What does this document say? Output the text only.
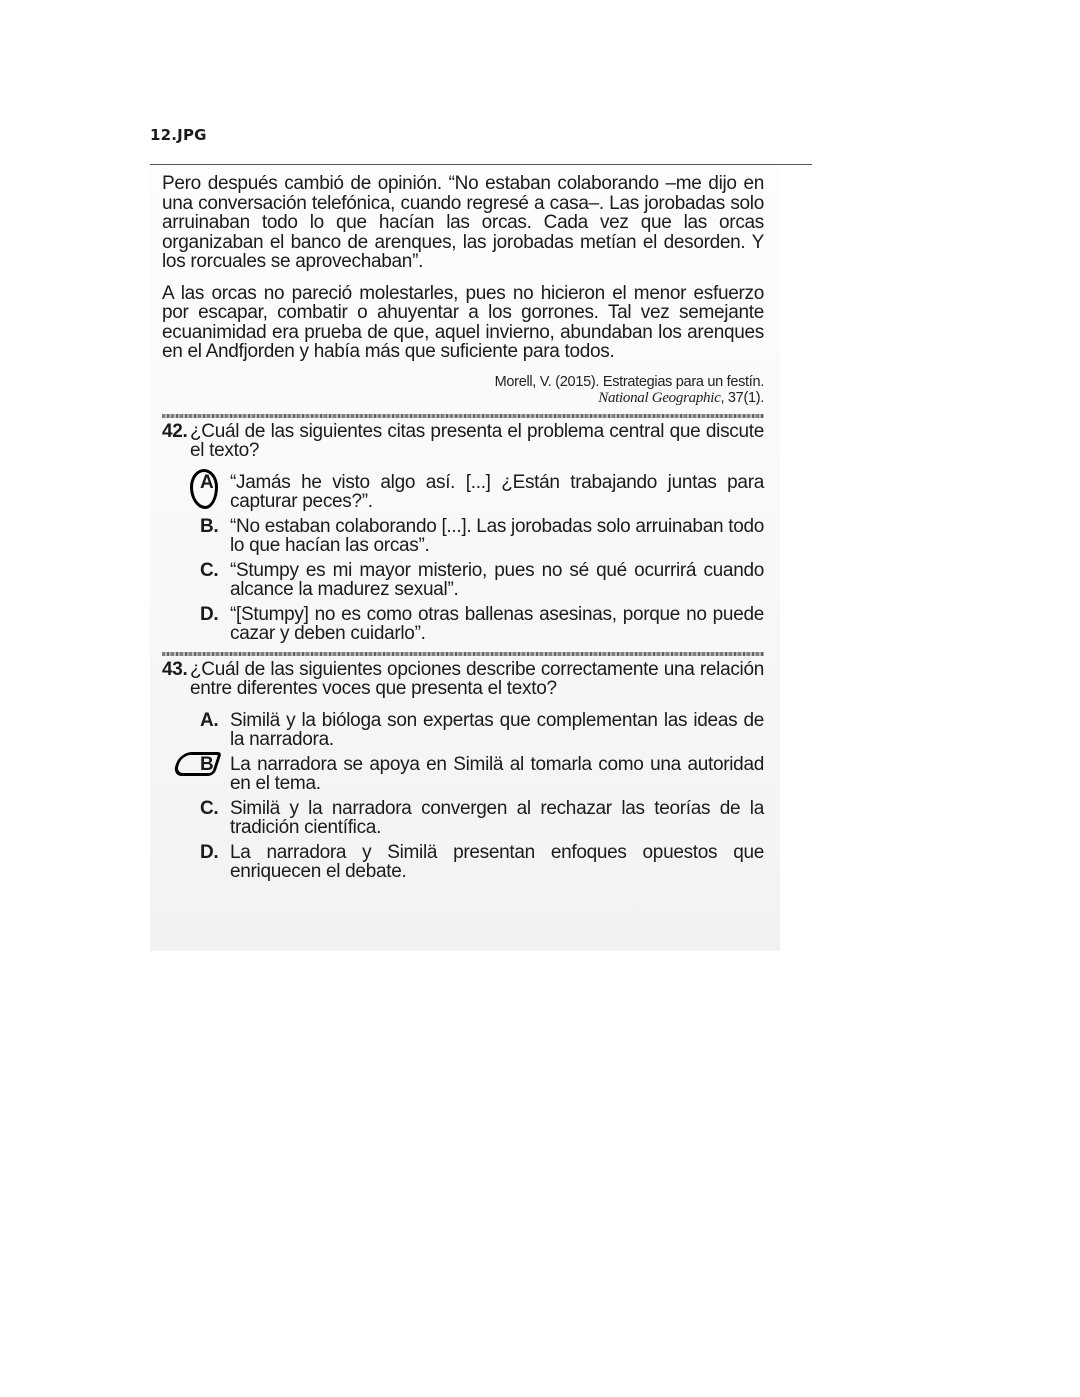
12.JPG

Pero después cambió de opinión. “No estaban colaborando –me dijo en una conversación telefónica, cuando regresé a casa–. Las jorobadas solo arruinaban todo lo que hacían las orcas. Cada vez que las orcas organizaban el banco de arenques, las jorobadas metían el desorden. Y los rorcuales se aprovechaban”.

A las orcas no pareció molestarles, pues no hicieron el menor esfuerzo por escapar, combatir o ahuyentar a los gorrones. Tal vez semejante ecuanimidad era prueba de que, aquel invierno, abundaban los arenques en el Andfjorden y había más que suficiente para todos.

Morell, V. (2015). Estrategias para un festín.
National Geographic, 37(1).
42. ¿Cuál de las siguientes citas presenta el problema central que discute el texto?
A “Jamás he visto algo así. [...] ¿Están trabajando juntas para capturar peces?”.
B. “No estaban colaborando [...]. Las jorobadas solo arruinaban todo lo que hacían las orcas”.
C. “Stumpy es mi mayor misterio, pues no sé qué ocurrirá cuando alcance la madurez sexual”.
D. “[Stumpy] no es como otras ballenas asesinas, porque no puede cazar y deben cuidarlo”.
43. ¿Cuál de las siguientes opciones describe correctamente una relación entre diferentes voces que presenta el texto?
A. Similä y la bióloga son expertas que complementan las ideas de la narradora.
B La narradora se apoya en Similä al tomarla como una autoridad en el tema.
C. Similä y la narradora convergen al rechazar las teorías de la tradición científica.
D. La narradora y Similä presentan enfoques opuestos que enriquecen el debate.
